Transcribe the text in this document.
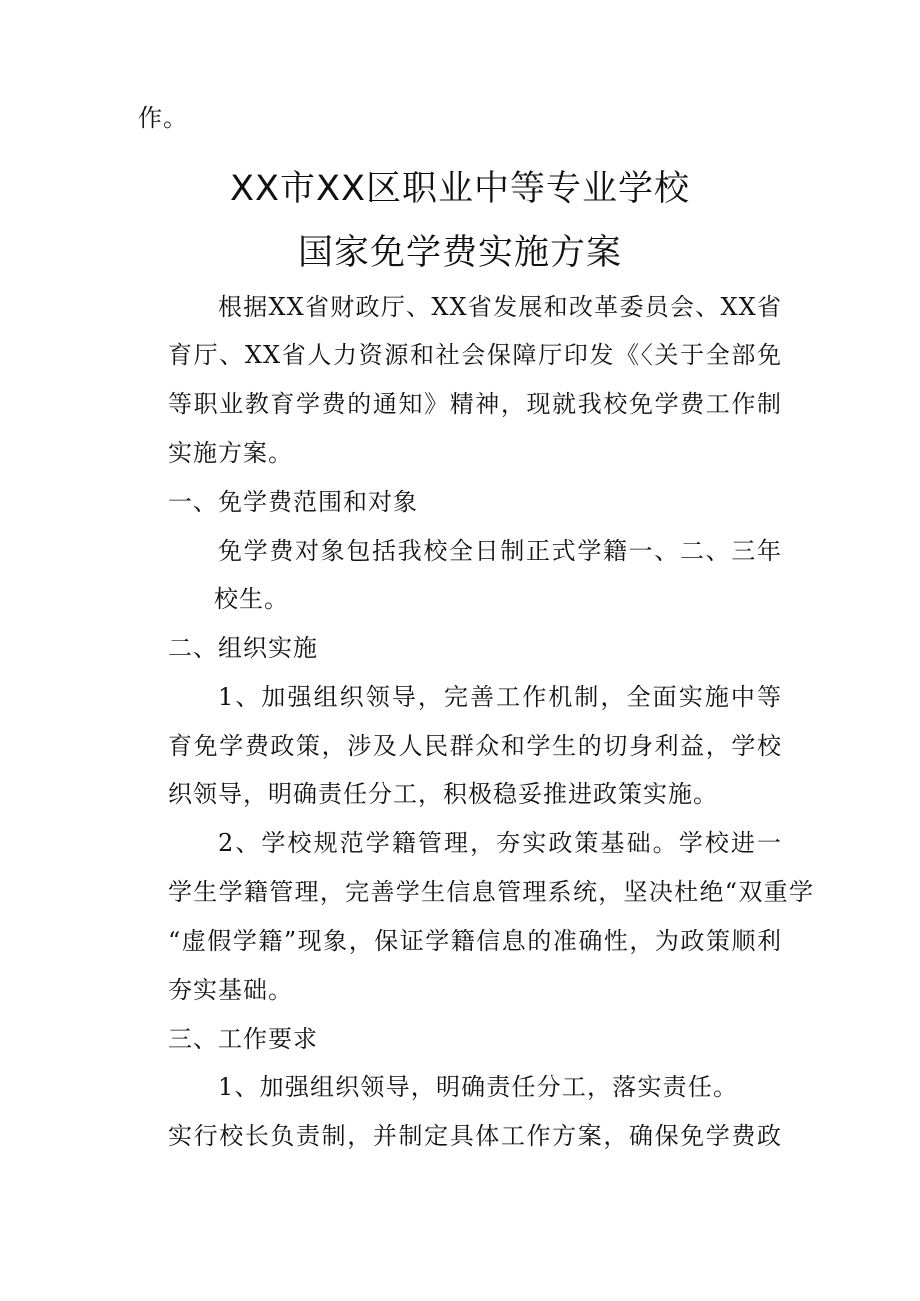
作。
XX市XX区职业中等专业学校
国家免学费实施方案
根据XX省财政厅、XX省发展和改革委员会、XX省
育厅、XX省人力资源和社会保障厅印发《〈关于全部免
等职业教育学费的通知》精神，现就我校免学费工作制
实施方案。
一、免学费范围和对象
免学费对象包括我校全日制正式学籍一、二、三年
校生。
二、组织实施
1、加强组织领导，完善工作机制，全面实施中等
育免学费政策，涉及人民群众和学生的切身利益，学校
织领导，明确责任分工，积极稳妥推进政策实施。
2、学校规范学籍管理，夯实政策基础。学校进一
学生学籍管理，完善学生信息管理系统，坚决杜绝“双重学
“虚假学籍”现象，保证学籍信息的准确性，为政策顺利
夯实基础。
三、工作要求
1、加强组织领导，明确责任分工，落实责任。
实行校长负责制，并制定具体工作方案，确保免学费政
